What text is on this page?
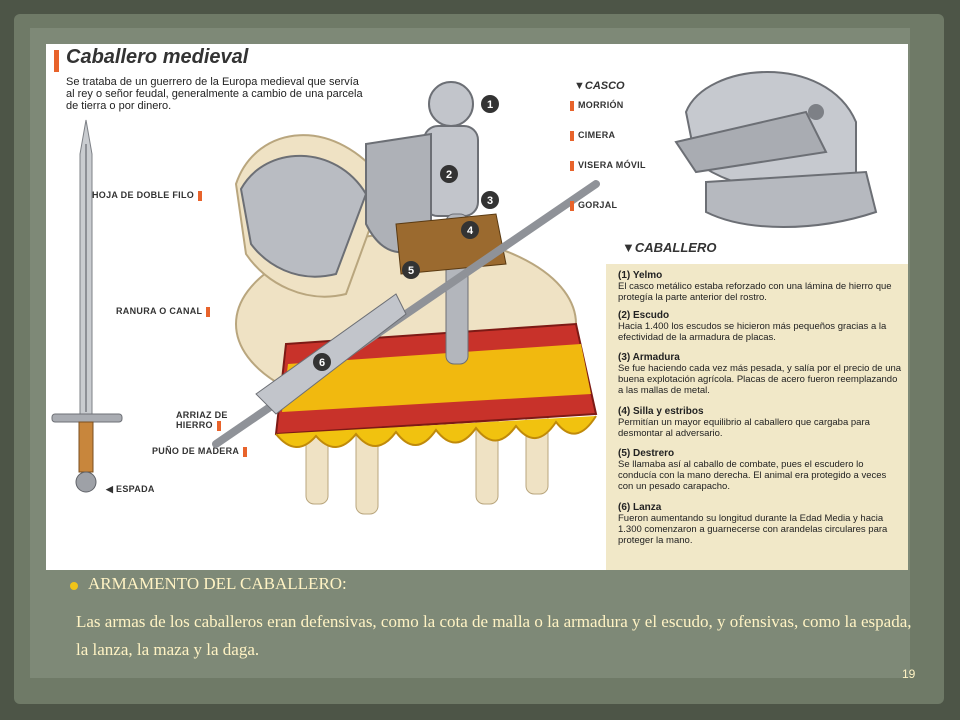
Caballero medieval
Se trataba de un guerrero de la Europa medieval que servía al rey o señor feudal, generalmente a cambio de una parcela de tierra o por dinero.
HOJA DE DOBLE FILO
RANURA O CANAL
ARRIAZ DE HIERRO
PUÑO DE MADERA
◀ ESPADA
1
2
3
4
5
6
▼CASCO
MORRIÓN
CIMERA
VISERA MÓVIL
GORJAL
▼CABALLERO
(1) Yelmo
El casco metálico estaba reforzado con una lámina de hierro que protegía la parte anterior del rostro.
(2) Escudo
Hacia 1.400 los escudos se hicieron más pequeños gracias a la efectividad de la armadura de placas.
(3) Armadura
Se fue haciendo cada vez más pesada, y salía por el precio de una buena explotación agrícola. Placas de acero fueron reemplazando a las mallas de metal.
(4) Silla y estribos
Permitían un mayor equilibrio al caballero que cargaba para desmontar al adversario.
(5) Destrero
Se llamaba así al caballo de combate, pues el escudero lo conducía con la mano derecha. El animal era protegido a veces con un pesado carapacho.
(6) Lanza
Fueron aumentando su longitud durante la Edad Media y hacia 1.300 comenzaron a guarnecerse con arandelas circulares para proteger la mano.
ARMAMENTO DEL CABALLERO:
Las armas de los caballeros eran defensivas, como la cota de malla o la armadura y el escudo, y ofensivas, como la espada, la lanza, la maza y la daga.
19
